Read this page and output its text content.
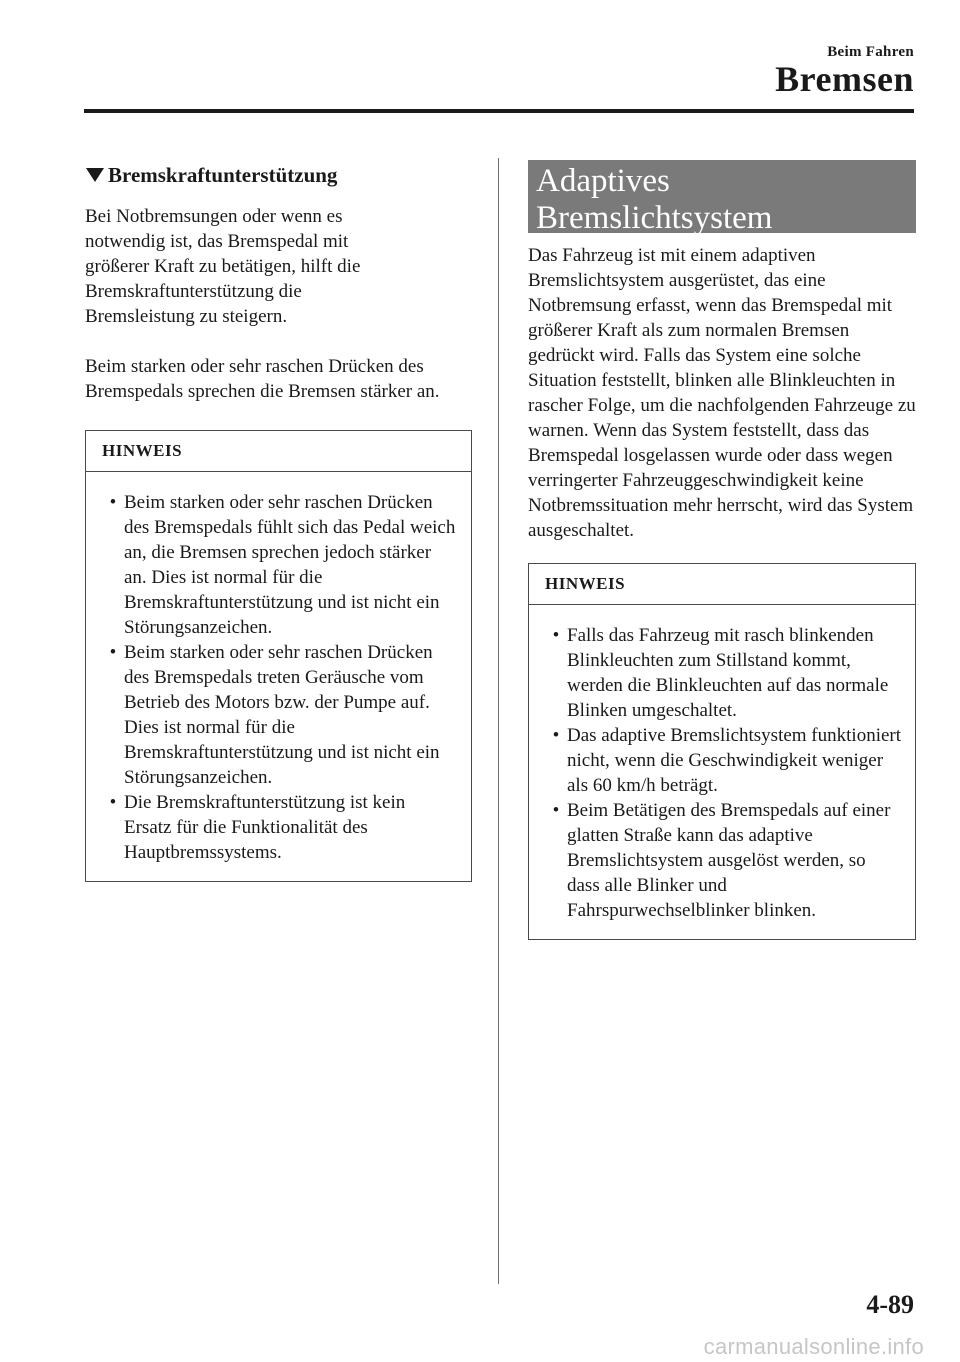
Beim Fahren
Bremsen
Bremskraftunterstützung

Bei Notbremsungen oder wenn es notwendig ist, das Bremspedal mit größerer Kraft zu betätigen, hilft die Bremskraftunterstützung die Bremsleistung zu steigern.

Beim starken oder sehr raschen Drücken des Bremspedals sprechen die Bremsen stärker an.

HINWEIS
• Beim starken oder sehr raschen Drücken des Bremspedals fühlt sich das Pedal weich an, die Bremsen sprechen jedoch stärker an. Dies ist normal für die Bremskraftunterstützung und ist nicht ein Störungsanzeichen.
• Beim starken oder sehr raschen Drücken des Bremspedals treten Geräusche vom Betrieb des Motors bzw. der Pumpe auf. Dies ist normal für die Bremskraftunterstützung und ist nicht ein Störungsanzeichen.
• Die Bremskraftunterstützung ist kein Ersatz für die Funktionalität des Hauptbremssystems.
Adaptives
Bremslichtsystem

Das Fahrzeug ist mit einem adaptiven Bremslichtsystem ausgerüstet, das eine Notbremsung erfasst, wenn das Bremspedal mit größerer Kraft als zum normalen Bremsen gedrückt wird. Falls das System eine solche Situation feststellt, blinken alle Blinkleuchten in rascher Folge, um die nachfolgenden Fahrzeuge zu warnen. Wenn das System feststellt, dass das Bremspedal losgelassen wurde oder dass wegen verringerter Fahrzeuggeschwindigkeit keine Notbremssituation mehr herrscht, wird das System ausgeschaltet.

HINWEIS
• Falls das Fahrzeug mit rasch blinkenden Blinkleuchten zum Stillstand kommt, werden die Blinkleuchten auf das normale Blinken umgeschaltet.
• Das adaptive Bremslichtsystem funktioniert nicht, wenn die Geschwindigkeit weniger als 60 km/h beträgt.
• Beim Betätigen des Bremspedals auf einer glatten Straße kann das adaptive Bremslichtsystem ausgelöst werden, so dass alle Blinker und Fahrspurwechselblinker blinken.
4-89
carmanualsonline.info
